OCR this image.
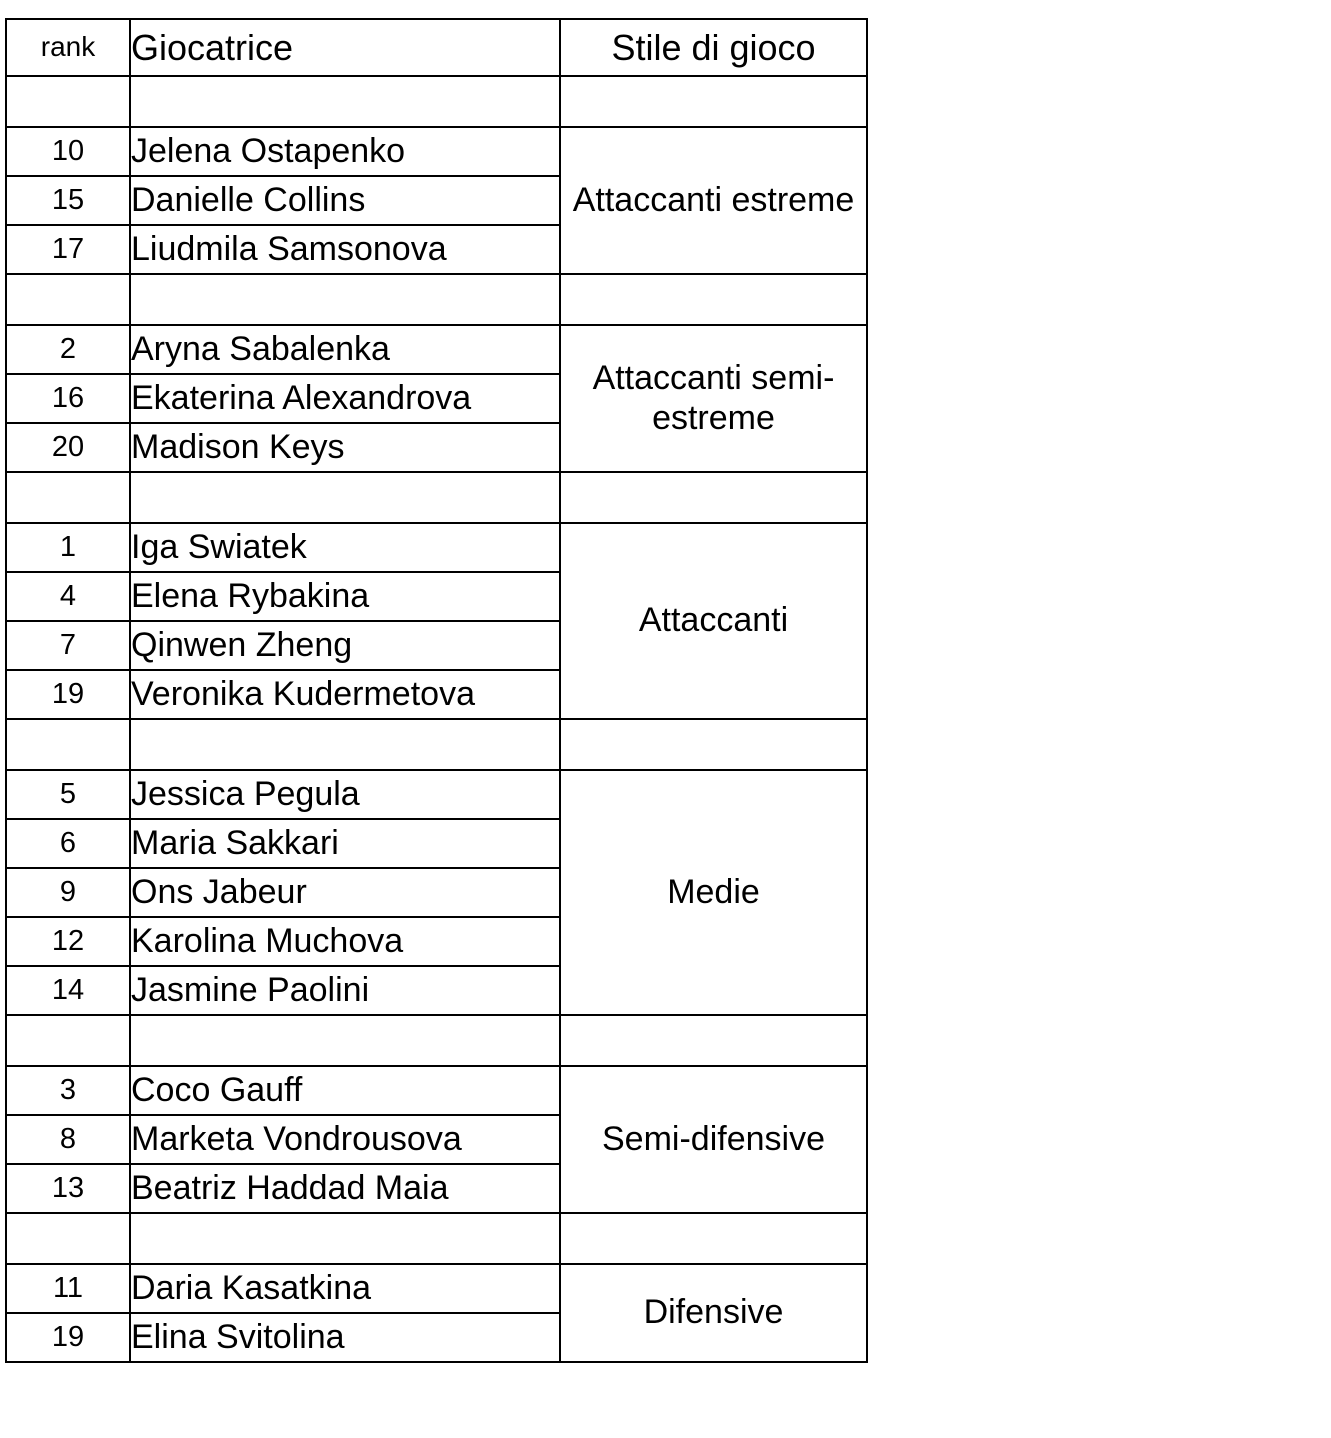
rank	Giocatrice	Stile di gioco

10	Jelena Ostapenko	Attaccanti estreme
15	Danielle Collins	
17	Liudmila Samsonova	

2	Aryna Sabalenka	Attaccanti semi-estreme
16	Ekaterina Alexandrova	
20	Madison Keys	

1	Iga Swiatek	Attaccanti
4	Elena Rybakina	
7	Qinwen Zheng	
19	Veronika Kudermetova	

5	Jessica Pegula	Medie
6	Maria Sakkari	
9	Ons Jabeur	
12	Karolina Muchova	
14	Jasmine Paolini	

3	Coco Gauff	Semi-difensive
8	Marketa Vondrousova	
13	Beatriz Haddad Maia	

11	Daria Kasatkina	Difensive
19	Elina Svitolina	
